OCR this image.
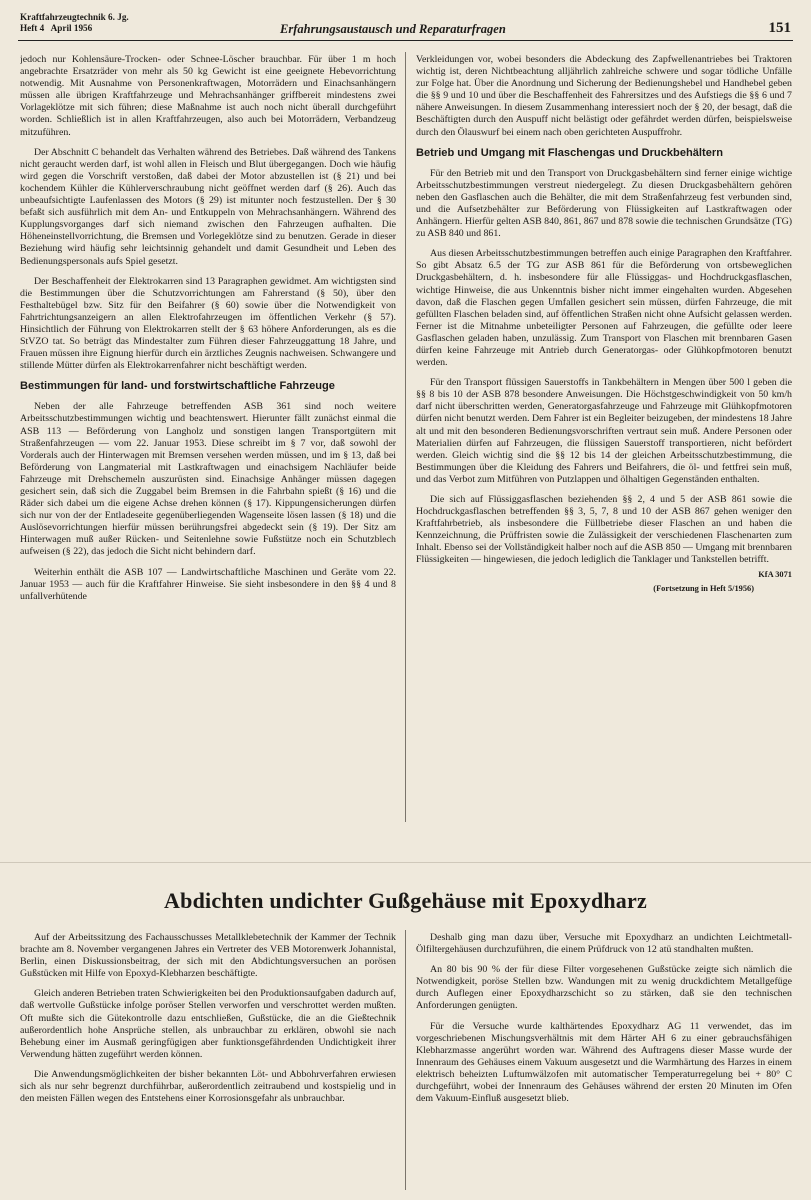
Kraftfahrzeugtechnik 6. Jg.
Heft 4 April 1956	Erfahrungsaustausch und Reparaturfragen	151

jedoch nur Kohlensäure-Trocken- oder Schnee-Löscher brauchbar. Für über 1 m hoch angebrachte Ersatzräder von mehr als 50 kg Gewicht ist eine geeignete Hebevorrichtung notwendig. Mit Ausnahme von Personenkraftwagen, Motorrädern und Einachsanhängern müssen alle übrigen Kraftfahrzeuge und Mehrachsanhänger griffbereit mindestens zwei Vorlageklötze mit sich führen; diese Maßnahme ist auch noch nicht überall durchgeführt worden. Schließlich ist in allen Kraftfahrzeugen, also auch bei Motorrädern, Verbandzeug mitzuführen.

Der Abschnitt C behandelt das Verhalten während des Betriebes. Daß während des Tankens nicht geraucht werden darf, ist wohl allen in Fleisch und Blut übergegangen. Doch wie häufig wird gegen die Vorschrift verstoßen, daß dabei der Motor abzustellen ist (§ 21) und bei kochendem Kühler die Kühlerverschraubung nicht geöffnet werden darf (§ 26). Auch das unbeaufsichtigte Laufenlassen des Motors (§ 29) ist mitunter noch festzustellen. Der § 30 befaßt sich ausführlich mit dem An- und Entkuppeln von Mehrachsanhängern. Während des Kupplungsvorganges darf sich niemand zwischen den Fahrzeugen aufhalten. Die Höheneinstellvorrichtung, die Bremsen und Vorlegeklötze sind zu benutzen. Gerade in dieser Beziehung wird häufig sehr leichtsinnig gehandelt und damit Gesundheit und Leben des Bedienungspersonals aufs Spiel gesetzt.

Der Beschaffenheit der Elektrokarren sind 13 Paragraphen gewidmet. Am wichtigsten sind die Bestimmungen über die Schutzvorrichtungen am Fahrerstand (§ 50), über den Festhaltebügel bzw. Sitz für den Beifahrer (§ 60) sowie über die Notwendigkeit von Fahrtrichtungsanzeigern an allen Elektrofahrzeugen im öffentlichen Verkehr (§ 57). Hinsichtlich der Führung von Elektrokarren stellt der § 63 höhere Anforderungen, als es die StVZO tat. So beträgt das Mindestalter zum Führen dieser Fahrzeuggattung 18 Jahre, und Frauen müssen ihre Eignung hierfür durch ein ärztliches Zeugnis nachweisen. Schwangere und stillende Mütter dürfen als Elektrokarrenfahrer nicht beschäftigt werden.

Bestimmungen für land- und forstwirtschaftliche Fahrzeuge

Neben der alle Fahrzeuge betreffenden ASB 361 sind noch weitere Arbeitsschutzbestimmungen wichtig und beachtenswert. Hierunter fällt zunächst einmal die ASB 113 — Beförderung von Langholz und sonstigen langen Transportgütern mit Straßenfahrzeugen — vom 22. Januar 1953. Diese schreibt im § 7 vor, daß sowohl der Vorderals auch der Hinterwagen mit Bremsen versehen werden müssen, und im § 13, daß bei Beförderung von Langmaterial mit Lastkraftwagen und einachsigem Nachläufer beide Fahrzeuge mit Drehschemeln auszurüsten sind. Einachsige Anhänger müssen dagegen gesichert sein, daß sich die Zuggabel beim Bremsen in die Fahrbahn spießt (§ 16) und die Räder sich dabei um die eigene Achse drehen können (§ 17). Kippungensicherungen dürfen sich nur von der der Entladeseite gegenüberliegenden Wagenseite lösen lassen (§ 18) und die Auslösevorrichtungen hierfür müssen berührungsfrei abgedeckt sein (§ 19). Der Sitz am Hinterwagen muß außer Rücken- und Seitenlehne sowie Fußstütze noch ein Schutzblech aufweisen (§ 22), das jedoch die Sicht nicht behindern darf.

Weiterhin enthält die ASB 107 — Landwirtschaftliche Maschinen und Geräte vom 22. Januar 1953 — auch für die Kraftfahrer Hinweise. Sie sieht insbesondere in den §§ 4 und 8 unfallverhütende

Verkleidungen vor, wobei besonders die Abdeckung des Zapfwellenantriebes bei Traktoren wichtig ist, deren Nichtbeachtung alljährlich zahlreiche schwere und sogar tödliche Unfälle zur Folge hat. Über die Anordnung und Sicherung der Bedienungshebel und Handhebel geben die §§ 9 und 10 und über die Beschaffenheit des Fahrersitzes und des Aufstiegs die §§ 6 und 7 nähere Anweisungen. In diesem Zusammenhang interessiert noch der § 20, der besagt, daß die Beschäftigten durch den Auspuff nicht belästigt oder gefährdet werden dürfen, beispielsweise durch den Ölauswurf bei einem nach oben gerichteten Auspuffrohr.

Betrieb und Umgang mit Flaschengas und Druckbehältern

Für den Betrieb mit und den Transport von Druckgasbehältern sind ferner einige wichtige Arbeitsschutzbestimmungen verstreut niedergelegt. Zu diesen Druckgasbehältern gehören neben den Gasflaschen auch die Behälter, die mit dem Straßenfahrzeug fest verbunden sind, und die Aufsetzbehälter zur Beförderung von Flüssigkeiten auf Lastkraftwagen oder Anhängern. Hierfür gelten ASB 840, 861, 867 und 878 sowie die technischen Grundsätze (TG) zu ASB 840 und 861.

Aus diesen Arbeitsschutzbestimmungen betreffen auch einige Paragraphen den Kraftfahrer. So gibt Absatz 6.5 der TG zur ASB 861 für die Beförderung von ortsbeweglichen Druckgasbehältern, d. h. insbesondere für alle Flüssiggas- und Hochdruckgasflaschen, wichtige Hinweise, die aus Unkenntnis bisher nicht immer eingehalten wurden. Abgesehen davon, daß die Flaschen gegen Umfallen gesichert sein müssen, dürfen Fahrzeuge, die mit gefüllten Flaschen beladen sind, auf öffentlichen Straßen nicht ohne Aufsicht gelassen werden. Ferner ist die Mitnahme unbeteiligter Personen auf Fahrzeugen, die gefüllte oder leere Gasflaschen geladen haben, unzulässig. Zum Transport von Flaschen mit brennbaren Gasen dürfen keine Fahrzeuge mit Antrieb durch Generatorgas- oder Glühkopfmotoren benutzt werden.

Für den Transport flüssigen Sauerstoffs in Tankbehältern in Mengen über 500 l geben die §§ 8 bis 10 der ASB 878 besondere Anweisungen. Die Höchstgeschwindigkeit von 50 km/h darf nicht überschritten werden, Generatorgasfahrzeuge und Fahrzeuge mit Glühkopfmotoren dürfen nicht benutzt werden. Dem Fahrer ist ein Begleiter beizugeben, der mindestens 18 Jahre alt und mit den besonderen Bedienungsvorschriften vertraut sein muß. Andere Personen oder Materialien dürfen auf Fahrzeugen, die flüssigen Sauerstoff transportieren, nicht befördert werden. Gleich wichtig sind die §§ 12 bis 14 der gleichen Arbeitsschutzbestimmung, die Bestimmungen über die Kleidung des Fahrers und Beifahrers, die öl- und fettfrei sein muß, und das Verbot zum Mitführen von Putzlappen und ölhaltigen Gegenständen enthalten.

Die sich auf Flüssiggasflaschen beziehenden §§ 2, 4 und 5 der ASB 861 sowie die Hochdruckgasflaschen betreffenden §§ 3, 5, 7, 8 und 10 der ASB 867 gehen weniger den Kraftfahrbetrieb, als insbesondere die Füllbetriebe dieser Flaschen an und haben die Kennzeichnung, die Prüffristen sowie die Zulässigkeit der verschiedenen Flaschenarten zum Inhalt. Ebenso sei der Vollständigkeit halber noch auf die ASB 850 — Umgang mit brennbaren Flüssigkeiten — hingewiesen, die jedoch lediglich die Tanklager und Tankstellen betrifft.

KfA 3071
(Fortsetzung in Heft 5/1956)
Abdichten undichter Gußgehäuse mit Epoxydharz

Auf der Arbeitssitzung des Fachausschusses Metallklebetechnik der Kammer der Technik brachte am 8. November vergangenen Jahres ein Vertreter des VEB Motorenwerk Johannistal, Berlin, einen Diskussionsbeitrag, der sich mit den Abdichtungsversuchen an porösen Gußstücken mit Hilfe von Epoxyd-Klebharzen beschäftigte.

Gleich anderen Betrieben traten Schwierigkeiten bei den Produktionsaufgaben dadurch auf, daß wertvolle Gußstücke infolge poröser Stellen verworfen und verschrottet werden mußten. Oft mußte sich die Gütekontrolle dazu entschließen, Gußstücke, die an die Gießtechnik außerordentlich hohe Ansprüche stellen, als unbrauchbar zu erklären, obwohl sie nach Behebung einer im Ausmaß geringfügigen aber funktionsgefährdenden Undichtigkeit ihrer Verwendung hätten zugeführt werden können.

Die Anwendungsmöglichkeiten der bisher bekannten Löt- und Abbohrverfahren erwiesen sich als nur sehr begrenzt durchführbar, außerordentlich zeitraubend und kostspielig und in den meisten Fällen wegen des Entstehens einer Korrosionsgefahr als unbrauchbar.

Deshalb ging man dazu über, Versuche mit Epoxydharz an undichten Leichtmetall-Ölfiltergehäusen durchzuführen, die einem Prüfdruck von 12 atü standhalten mußten.

An 80 bis 90 % der für diese Filter vorgesehenen Gußstücke zeigte sich nämlich die Notwendigkeit, poröse Stellen bzw. Wandungen mit zu wenig druckdichtem Metallgefüge durch Auflegen einer Epoxydharzschicht so zu stärken, daß sie den technischen Anforderungen genügten.

Für die Versuche wurde kalthärtendes Epoxydharz AG 11 verwendet, das im vorgeschriebenen Mischungsverhältnis mit dem Härter AH 6 zu einer gebrauchsfähigen Klebharzmasse angerührt worden war. Während des Auftragens dieser Masse wurde der Innenraum des Gehäuses einem Vakuum ausgesetzt und die Warmhärtung des Harzes in einem elektrisch beheizten Luftumwälzofen mit automatischer Temperaturregelung bei + 80° C durchgeführt, wobei der Innenraum des Gehäuses während der ersten 20 Minuten im Ofen dem Vakuum-Einfluß ausgesetzt blieb.
